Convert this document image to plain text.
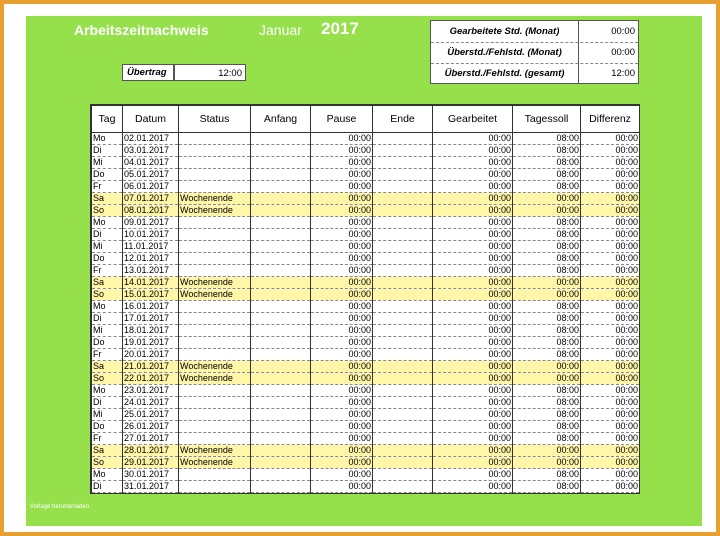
Arbeitszeitnachweis	Januar 2017
Übertrag	12:00
Gearbeitete Std. (Monat)	00:00
Überstd./Fehlstd. (Monat)	00:00
Überstd./Fehlstd. (gesamt)	12:00
Tag	Datum	Status	Anfang	Pause	Ende	Gearbeitet	Tagessoll	Differenz
Mo	02.01.2017			00:00		00:00	08:00	00:00
Di	03.01.2017			00:00		00:00	08:00	00:00
Mi	04.01.2017			00:00		00:00	08:00	00:00
Do	05.01.2017			00:00		00:00	08:00	00:00
Fr	06.01.2017			00:00		00:00	08:00	00:00
Sa	07.01.2017	Wochenende		00:00		00:00	00:00	00:00
So	08.01.2017	Wochenende		00:00		00:00	00:00	00:00
Mo	09.01.2017			00:00		00:00	08:00	00:00
Di	10.01.2017			00:00		00:00	08:00	00:00
Mi	11.01.2017			00:00		00:00	08:00	00:00
Do	12.01.2017			00:00		00:00	08:00	00:00
Fr	13.01.2017			00:00		00:00	08:00	00:00
Sa	14.01.2017	Wochenende		00:00		00:00	00:00	00:00
So	15.01.2017	Wochenende		00:00		00:00	00:00	00:00
Mo	16.01.2017			00:00		00:00	08:00	00:00
Di	17.01.2017			00:00		00:00	08:00	00:00
Mi	18.01.2017			00:00		00:00	08:00	00:00
Do	19.01.2017			00:00		00:00	08:00	00:00
Fr	20.01.2017			00:00		00:00	08:00	00:00
Sa	21.01.2017	Wochenende		00:00		00:00	00:00	00:00
So	22.01.2017	Wochenende		00:00		00:00	00:00	00:00
Mo	23.01.2017			00:00		00:00	08:00	00:00
Di	24.01.2017			00:00		00:00	08:00	00:00
Mi	25.01.2017			00:00		00:00	08:00	00:00
Do	26.01.2017			00:00		00:00	08:00	00:00
Fr	27.01.2017			00:00		00:00	08:00	00:00
Sa	28.01.2017	Wochenende		00:00		00:00	00:00	00:00
So	29.01.2017	Wochenende		00:00		00:00	00:00	00:00
Mo	30.01.2017			00:00		00:00	08:00	00:00
Di	31.01.2017			00:00		00:00	08:00	00:00
Vorlage herunterladen
